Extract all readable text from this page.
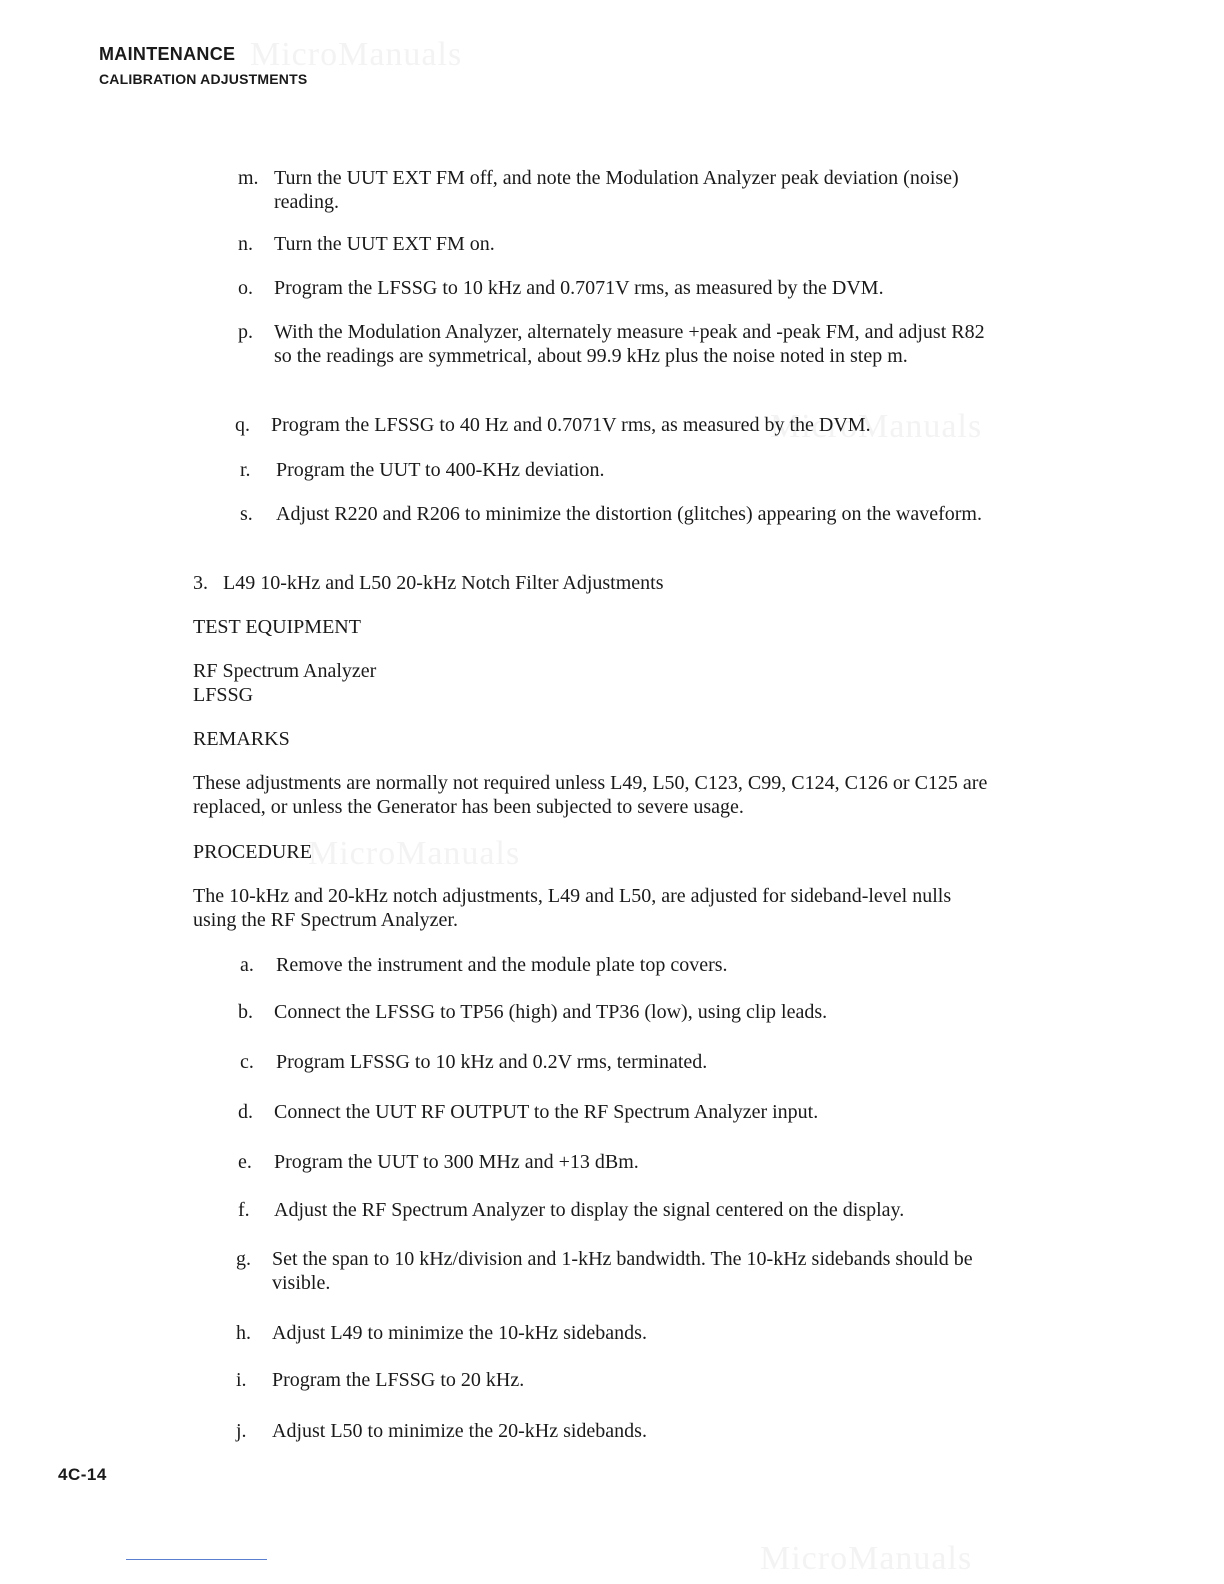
MicroManuals
MicroManuals
MicroManuals
MicroManuals
MAINTENANCE
CALIBRATION ADJUSTMENTS
m. Turn the UUT EXT FM off, and note the Modulation Analyzer peak deviation (noise) reading.
n. Turn the UUT EXT FM on.
o. Program the LFSSG to 10 kHz and 0.7071V rms, as measured by the DVM.
p. With the Modulation Analyzer, alternately measure +peak and -peak FM, and adjust R82 so the readings are symmetrical, about 99.9 kHz plus the noise noted in step m.
q. Program the LFSSG to 40 Hz and 0.7071V rms, as measured by the DVM.
r. Program the UUT to 400-KHz deviation.
s. Adjust R220 and R206 to minimize the distortion (glitches) appearing on the waveform.
3.   L49 10-kHz and L50 20-kHz Notch Filter Adjustments
TEST EQUIPMENT
RF Spectrum Analyzer
LFSSG
REMARKS
These adjustments are normally not required unless L49, L50, C123, C99, C124, C126 or C125 are replaced, or unless the Generator has been subjected to severe usage.
PROCEDURE
The 10-kHz and 20-kHz notch adjustments, L49 and L50, are adjusted for sideband-level nulls using the RF Spectrum Analyzer.
a. Remove the instrument and the module plate top covers.
b. Connect the LFSSG to TP56 (high) and TP36 (low), using clip leads.
c. Program LFSSG to 10 kHz and 0.2V rms, terminated.
d. Connect the UUT RF OUTPUT to the RF Spectrum Analyzer input.
e. Program the UUT to 300 MHz and +13 dBm.
f. Adjust the RF Spectrum Analyzer to display the signal centered on the display.
g. Set the span to 10 kHz/division and 1-kHz bandwidth. The 10-kHz sidebands should be visible.
h. Adjust L49 to minimize the 10-kHz sidebands.
i. Program the LFSSG to 20 kHz.
j. Adjust L50 to minimize the 20-kHz sidebands.
4C-14
